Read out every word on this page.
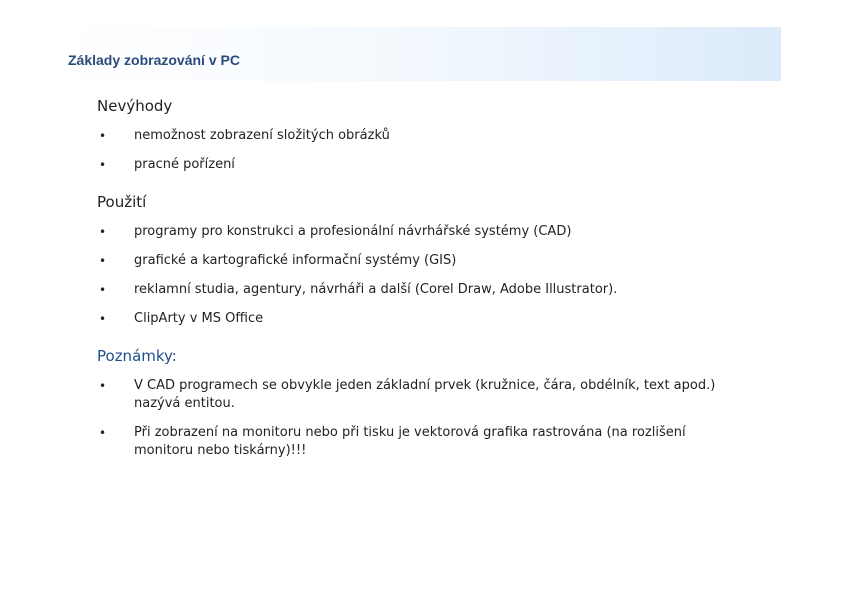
Základy zobrazování v PC
Nevýhody
• nemožnost zobrazení složitých obrázků
• pracné pořízení
Použití
• programy pro konstrukci a profesionální návrhářské systémy (CAD)
• grafické a kartografické informační systémy (GIS)
• reklamní studia, agentury, návrháři a další (Corel Draw, Adobe Illustrator).
• ClipArty v MS Office
Poznámky:
• V CAD programech se obvykle jeden základní prvek (kružnice, čára, obdélník, text apod.) nazývá entitou.
• Při zobrazení na monitoru nebo při tisku je vektorová grafika rastrována (na rozlišení monitoru nebo tiskárny)!!!
